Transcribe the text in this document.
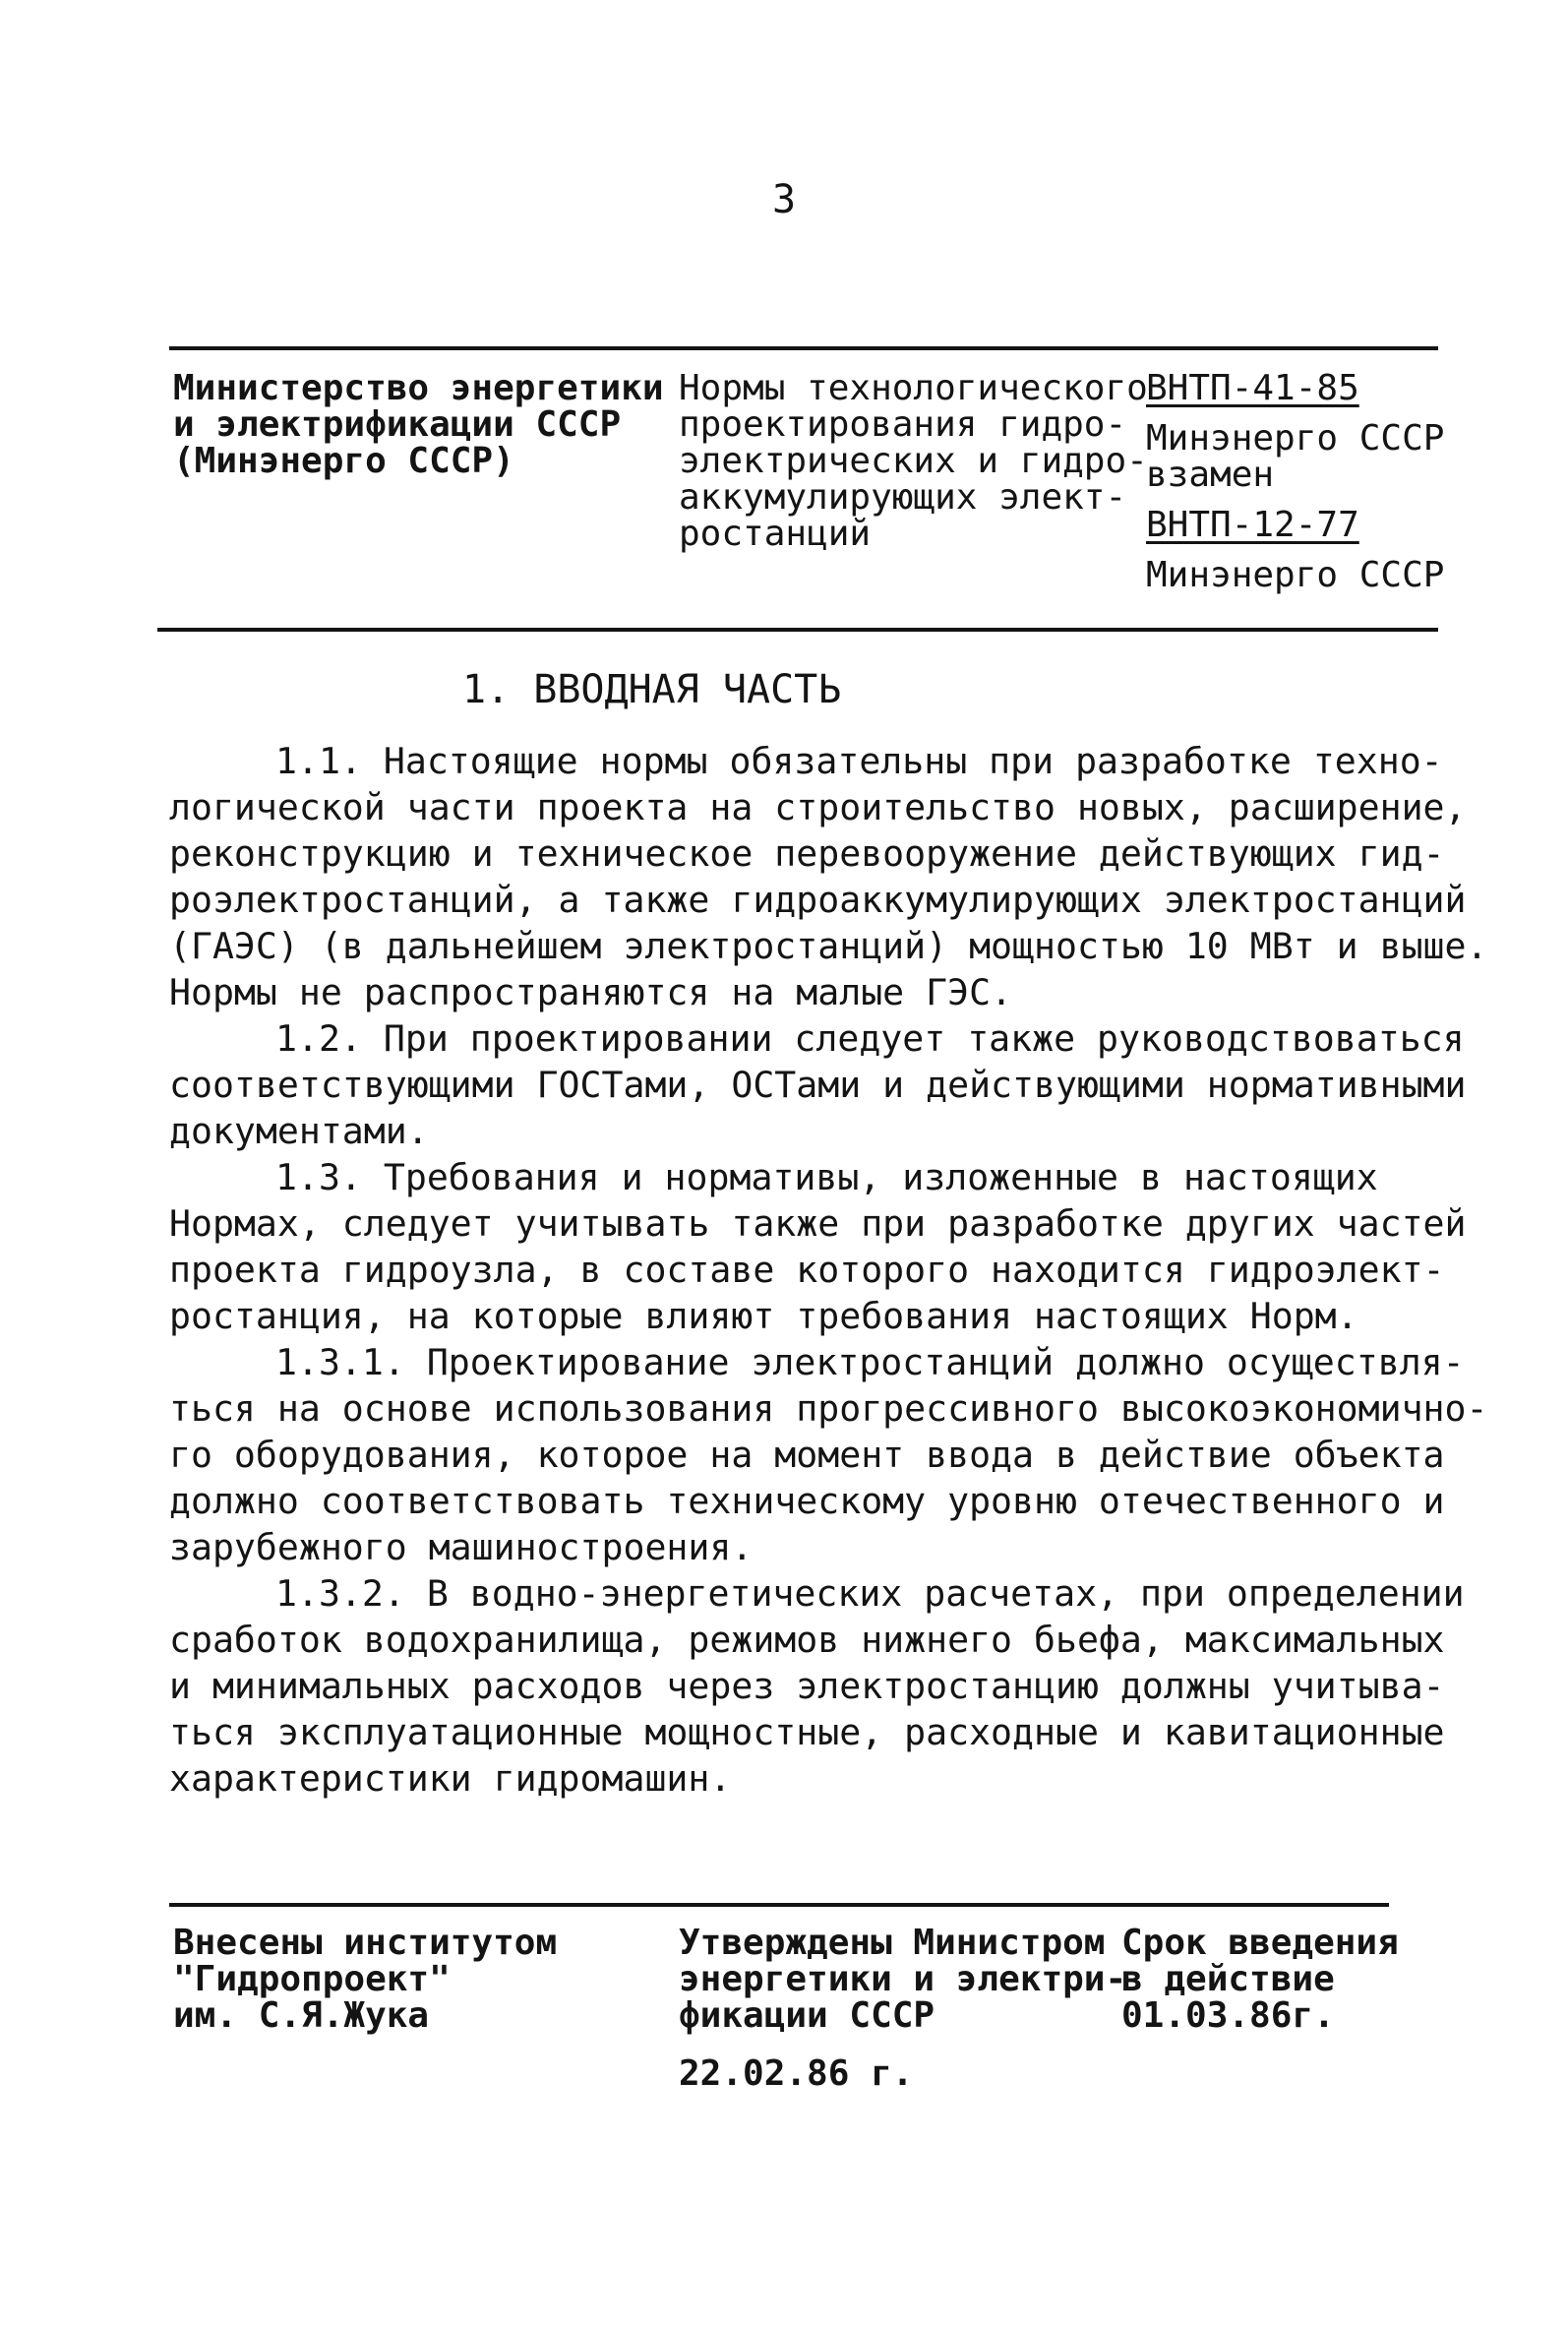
3
Министерство энергетики
и электрификации СССР
(Минэнерго СССР)
Нормы технологического
проектирования гидро-
электрических и гидро-
аккумулирующих элект-
ростанций
ВНТП-41-85
Минэнерго СССР
взамен
ВНТП-12-77
Минэнерго СССР
1. ВВОДНАЯ ЧАСТЬ
1.1. Настоящие нормы обязательны при разработке техно-
логической части проекта на строительство новых, расширение,
реконструкцию и техническое перевооружение действующих гид-
роэлектростанций, а также гидроаккумулирующих электростанций
(ГАЭС) (в дальнейшем электростанций) мощностью 10 МВт и выше.
Нормы не распространяются на малые ГЭС.
1.2. При проектировании следует также руководствоваться
соответствующими ГОСТами, ОСТами и действующими нормативными
документами.
1.3. Требования и нормативы, изложенные в настоящих
Нормах, следует учитывать также при разработке других частей
проекта гидроузла, в составе которого находится гидроэлект-
ростанция, на которые влияют требования настоящих Норм.
1.3.1. Проектирование электростанций должно осуществля-
ться на основе использования прогрессивного высокоэкономично-
го оборудования, которое на момент ввода в действие объекта
должно соответствовать техническому уровню отечественного и
зарубежного машиностроения.
1.3.2. В водно-энергетических расчетах, при определении
сработок водохранилища, режимов нижнего бьефа, максимальных
и минимальных расходов через электростанцию должны учитыва-
ться эксплуатационные мощностные, расходные и кавитационные
характеристики гидромашин.
Внесены институтом
"Гидропроект"
им. С.Я.Жука
Утверждены Министром
энергетики и электри-
фикации СССР
22.02.86 г.
Срок введения
в действие
01.03.86г.
